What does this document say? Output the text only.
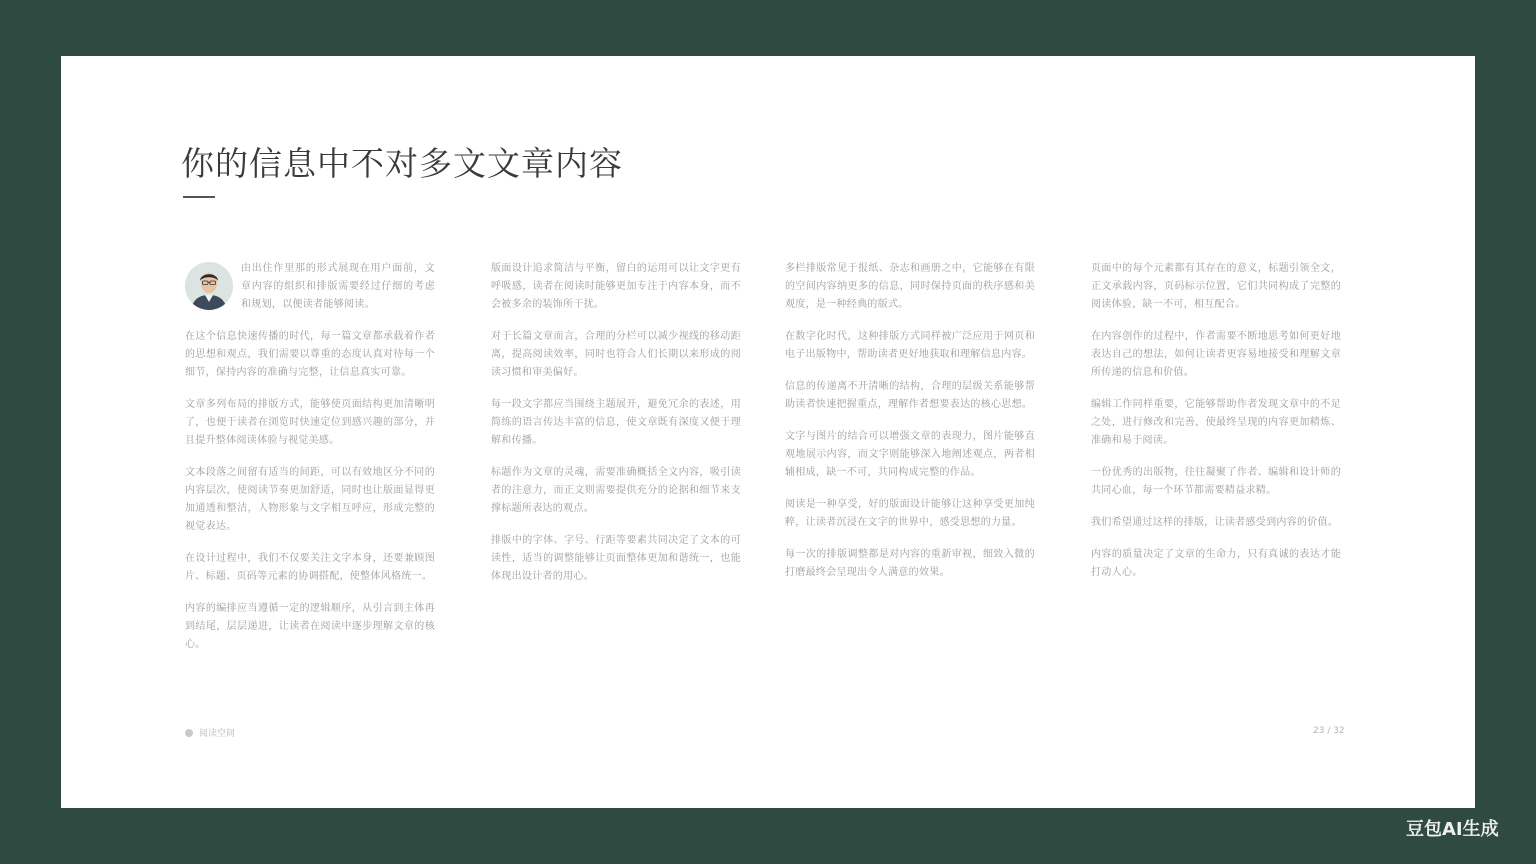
你的信息中不对多文文章内容

由出住作里那的形式展现在用户面前，文章内容的组织和排版需要经过仔细的考虑和规划，以便读者能够阅读。

在这个信息快速传播的时代，每一篇文章都承载着作者的思想和观点，我们需要以尊重的态度认真对待每一个细节，保持内容的准确与完整，让信息真实可靠。

文章多列布局的排版方式，能够使页面结构更加清晰明了，也便于读者在浏览时快速定位到感兴趣的部分，并且提升整体阅读体验与视觉美感。

文本段落之间留有适当的间距，可以有效地区分不同的内容层次，使阅读节奏更加舒适，同时也让版面显得更加通透和整洁，人物形象与文字相互呼应，形成完整的视觉表达。

在设计过程中，我们不仅要关注文字本身，还要兼顾图片、标题、页码等元素的协调搭配，使整体风格统一。

内容的编排应当遵循一定的逻辑顺序，从引言到主体再到结尾，层层递进，让读者在阅读中逐步理解文章的核心。

版面设计追求简洁与平衡，留白的运用可以让文字更有呼吸感，读者在阅读时能够更加专注于内容本身，而不会被多余的装饰所干扰。

对于长篇文章而言，合理的分栏可以减少视线的移动距离，提高阅读效率，同时也符合人们长期以来形成的阅读习惯和审美偏好。

每一段文字都应当围绕主题展开，避免冗余的表述，用简练的语言传达丰富的信息，使文章既有深度又便于理解和传播。

标题作为文章的灵魂，需要准确概括全文内容，吸引读者的注意力，而正文则需要提供充分的论据和细节来支撑标题所表达的观点。

排版中的字体、字号、行距等要素共同决定了文本的可读性，适当的调整能够让页面整体更加和谐统一，也能体现出设计者的用心。

多栏排版常见于报纸、杂志和画册之中，它能够在有限的空间内容纳更多的信息，同时保持页面的秩序感和美观度，是一种经典的版式。

在数字化时代，这种排版方式同样被广泛应用于网页和电子出版物中，帮助读者更好地获取和理解信息内容。

信息的传递离不开清晰的结构，合理的层级关系能够帮助读者快速把握重点，理解作者想要表达的核心思想。

文字与图片的结合可以增强文章的表现力，图片能够直观地展示内容，而文字则能够深入地阐述观点，两者相辅相成，缺一不可，共同构成完整的作品。

阅读是一种享受，好的版面设计能够让这种享受更加纯粹，让读者沉浸在文字的世界中，感受思想的力量。

每一次的排版调整都是对内容的重新审视，细致入微的打磨最终会呈现出令人满意的效果。

页面中的每个元素都有其存在的意义，标题引领全文，正文承载内容，页码标示位置，它们共同构成了完整的阅读体验，缺一不可，相互配合。

在内容创作的过程中，作者需要不断地思考如何更好地表达自己的想法，如何让读者更容易地接受和理解文章所传递的信息和价值。

编辑工作同样重要，它能够帮助作者发现文章中的不足之处，进行修改和完善，使最终呈现的内容更加精炼、准确和易于阅读。

一份优秀的出版物，往往凝聚了作者、编辑和设计师的共同心血，每一个环节都需要精益求精。

我们希望通过这样的排版，让读者感受到内容的价值。

内容的质量决定了文章的生命力，只有真诚的表达才能打动人心。

阅读空间	23 / 32
豆包AI生成
